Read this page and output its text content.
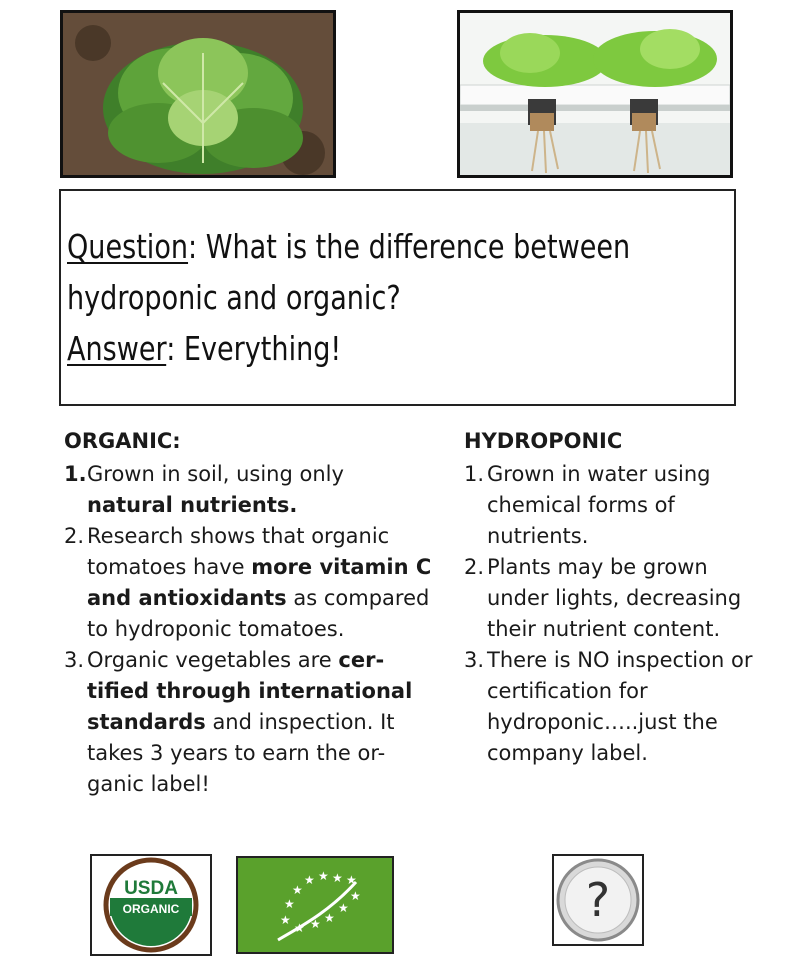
Question: What is the difference between
hydroponic and organic?
Answer: Everything!
ORGANIC:
1. Grown in soil, using only natural nutrients.
2. Research shows that organic tomatoes have more vitamin C and antioxidants as compared to hydroponic tomatoes.
3. Organic vegetables are cer-tified through international standards and inspection. It takes 3 years to earn the or-ganic label!
HYDROPONIC
1. Grown in water using chemical forms of nutrients.
2. Plants may be grown under lights, decreasing their nutrient content.
3. There is NO inspection or certification for hydroponic…..just the company label.
USDA
ORGANIC
★ ★ ★ ★
★
★
★
★ ★ ★
★
★	?
